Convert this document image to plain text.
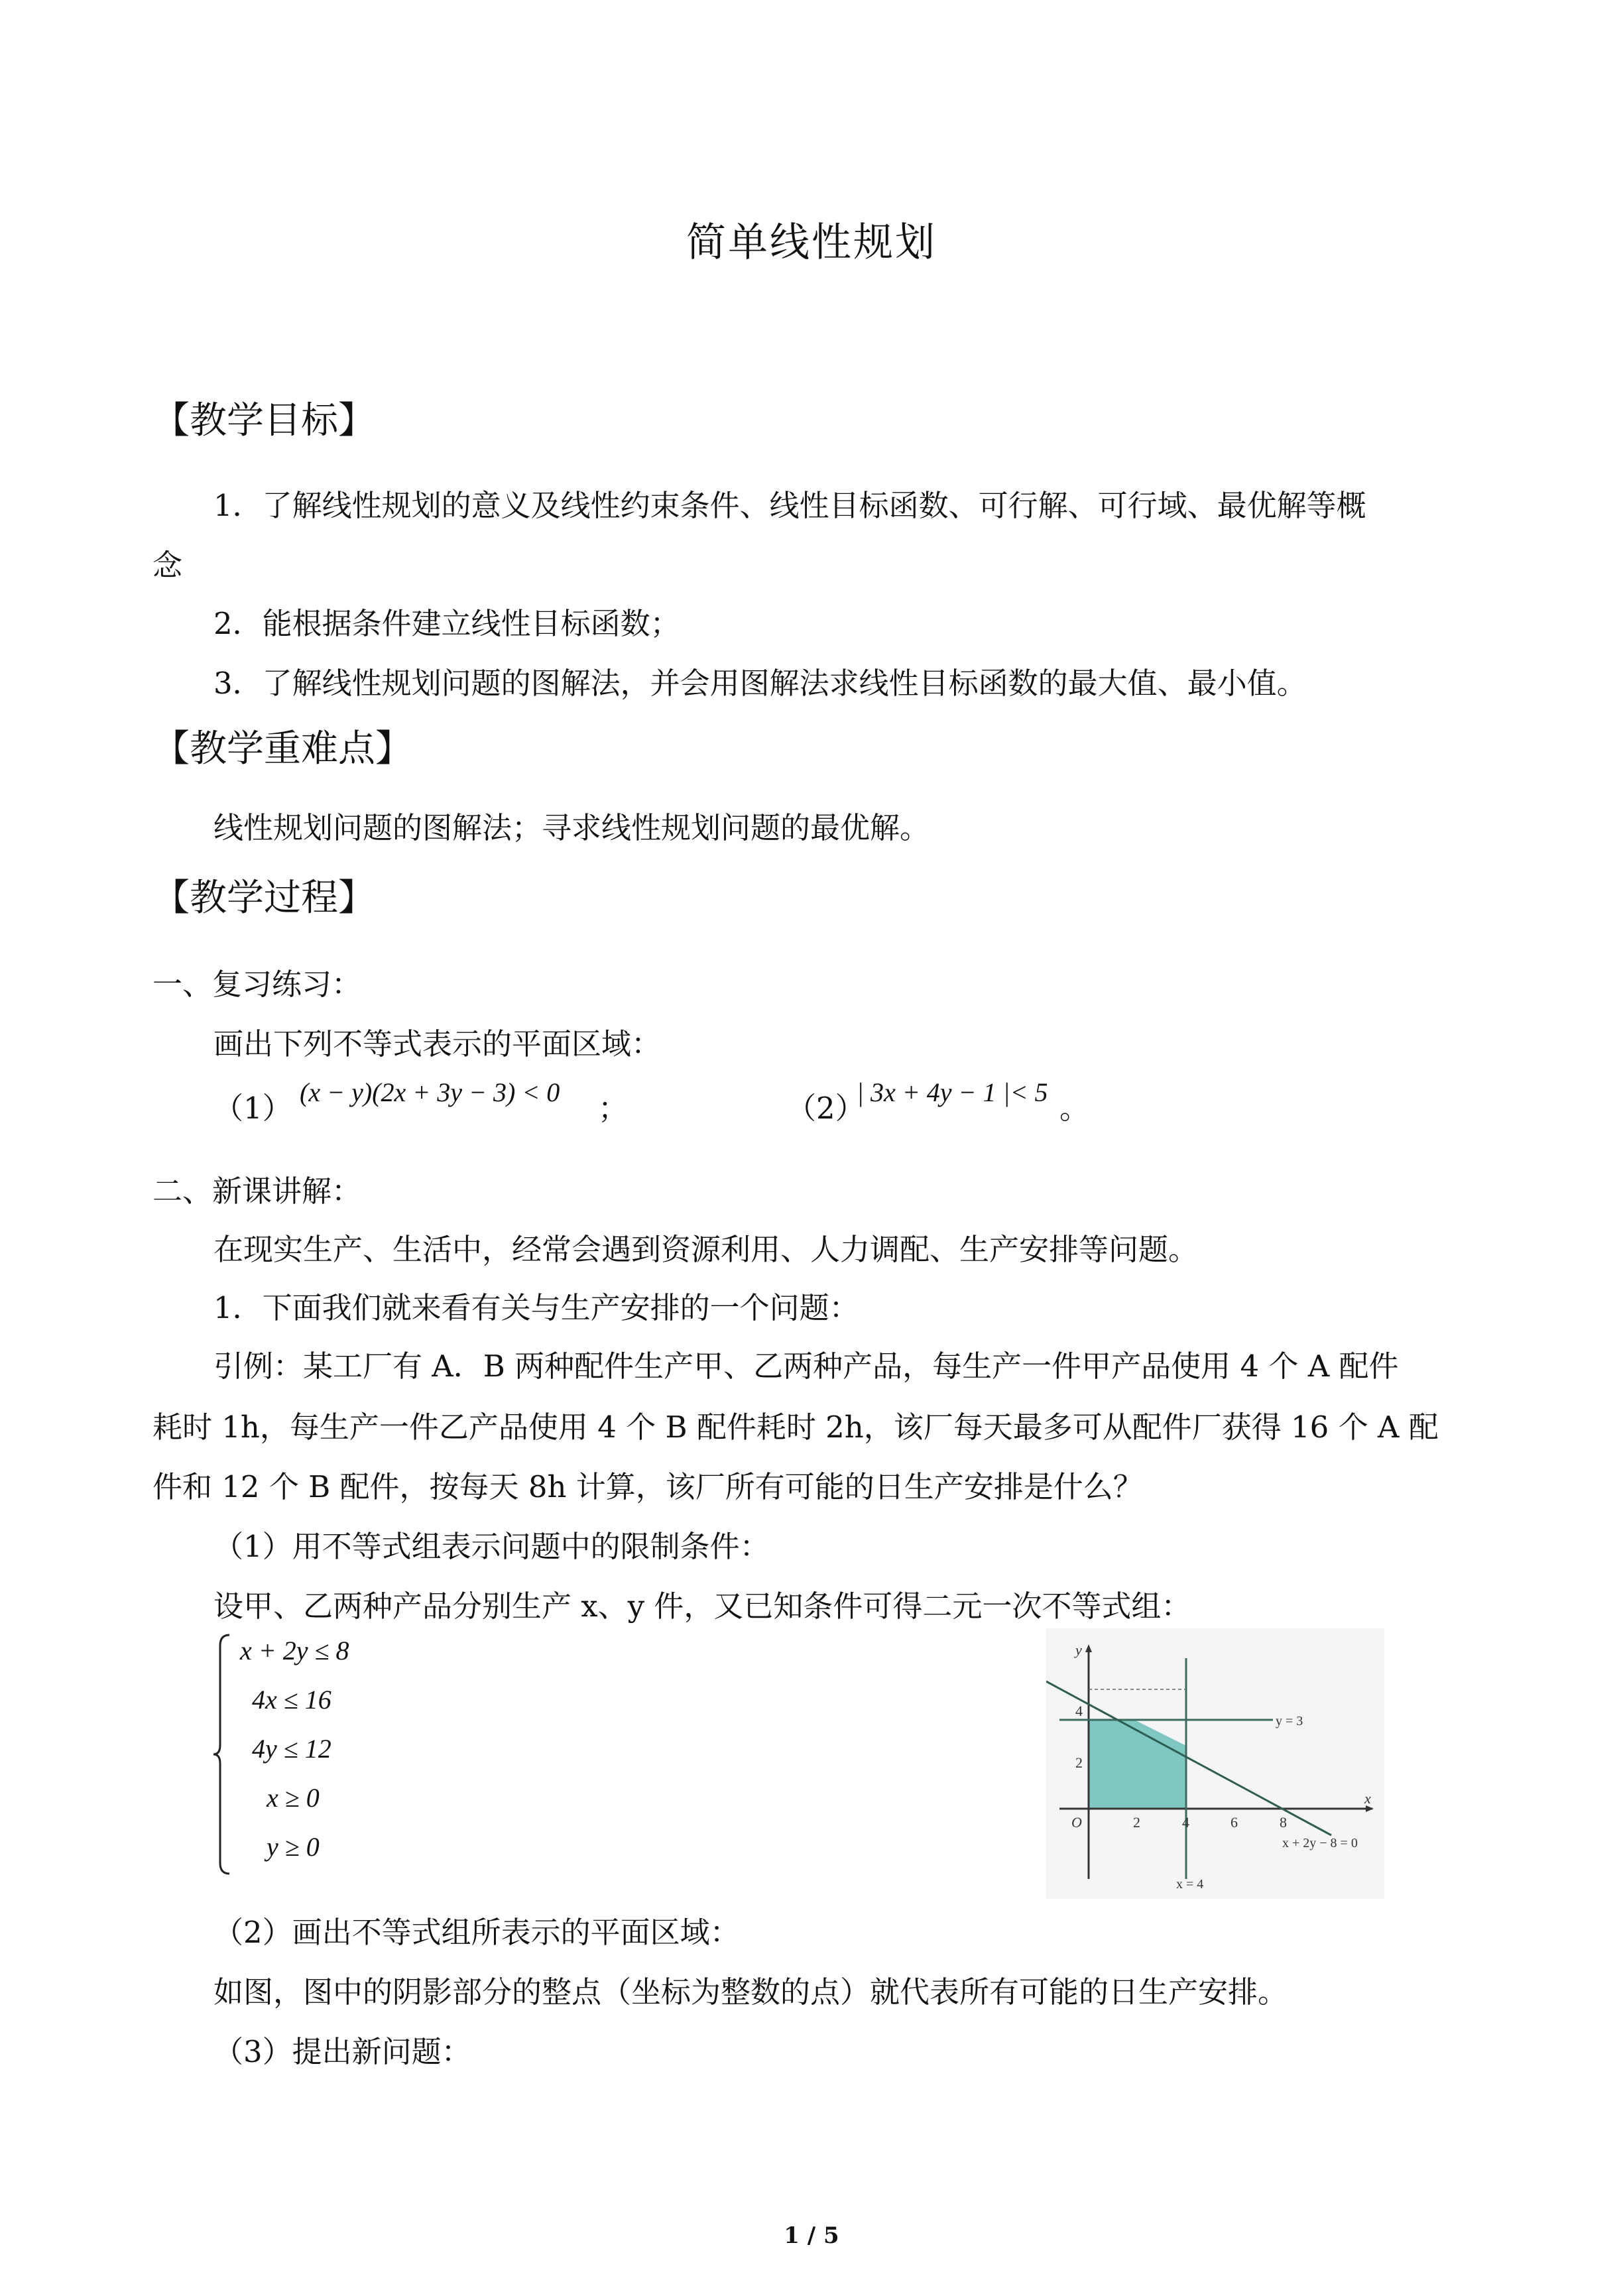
简单线性规划
【教学目标】
1．了解线性规划的意义及线性约束条件、线性目标函数、可行解、可行域、最优解等概
念
2．能根据条件建立线性目标函数；
3．了解线性规划问题的图解法，并会用图解法求线性目标函数的最大值、最小值。
【教学重难点】
线性规划问题的图解法；寻求线性规划问题的最优解。
【教学过程】
一、复习练习：
画出下列不等式表示的平面区域：
（1） (x − y)(2x + 3y − 3) < 0 ；	（2）
| 3x + 4y − 1 |< 5 。
二、新课讲解：
在现实生产、生活中，经常会遇到资源利用、人力调配、生产安排等问题。
1．下面我们就来看有关与生产安排的一个问题：
引例：某工厂有 A．B 两种配件生产甲、乙两种产品，每生产一件甲产品使用 4 个 A 配件
耗时 1h，每生产一件乙产品使用 4 个 B 配件耗时 2h，该厂每天最多可从配件厂获得 16 个 A 配
件和 12 个 B 配件，按每天 8h 计算，该厂所有可能的日生产安排是什么？
（1）用不等式组表示问题中的限制条件：
设甲、乙两种产品分别生产 x、y 件，又已知条件可得二元一次不等式组：
x + 2y ≤ 8
4x ≤ 16
4y ≤ 12
x ≥ 0
y ≥ 0
y
x
O	2	4	6	8
2
4
y = 3
x = 4
x + 2y − 8 = 0
（2）画出不等式组所表示的平面区域：
如图，图中的阴影部分的整点（坐标为整数的点）就代表所有可能的日生产安排。
（3）提出新问题：
1 / 5
